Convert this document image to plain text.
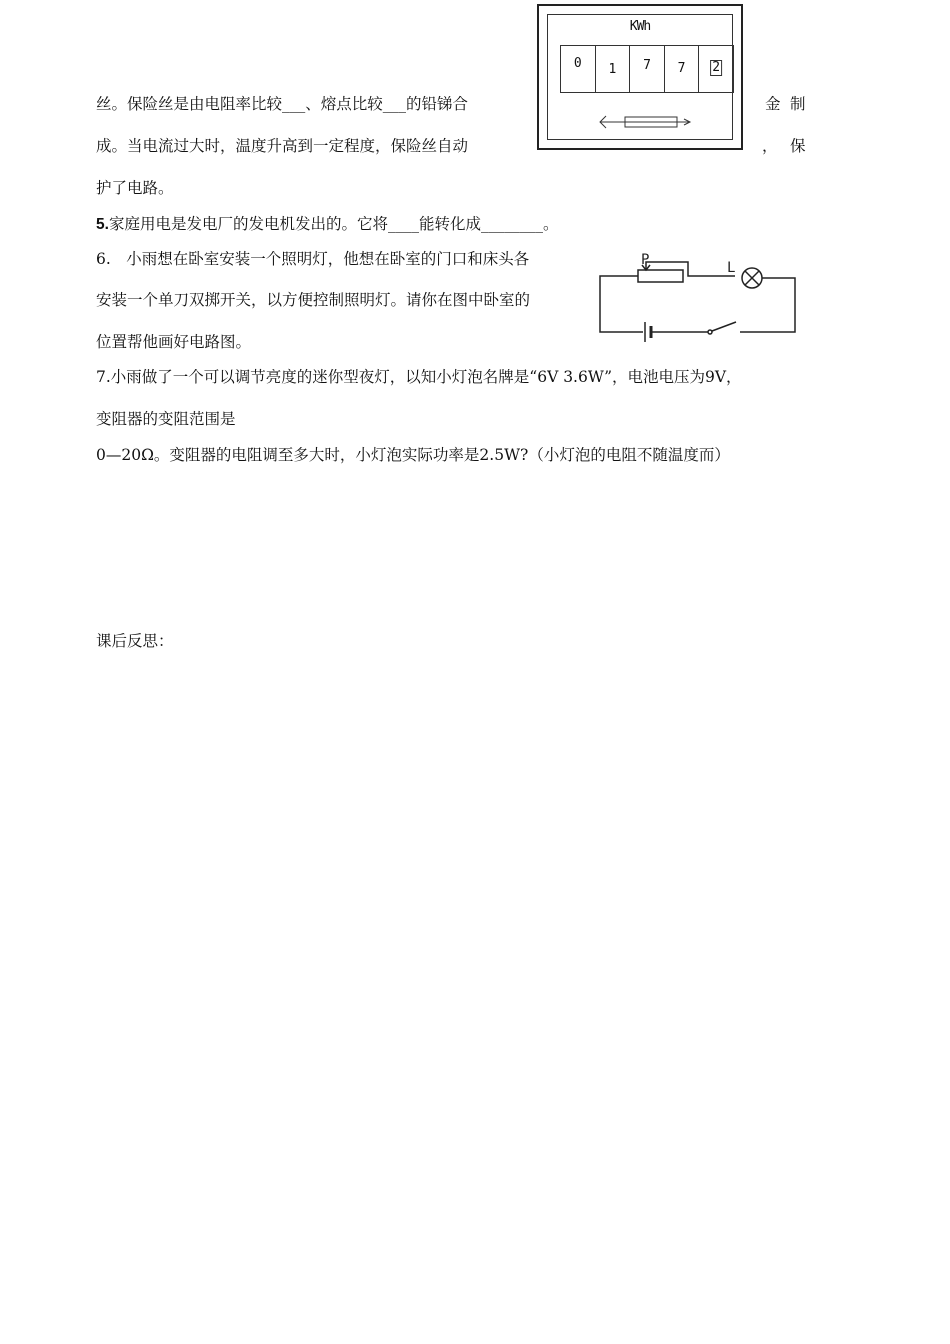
KWh
0 1 7 7 2
丝。保险丝是由电阻率比较___、熔点比较___的铅锑合	金 制
成。当电流过大时，温度升高到一定程度，保险丝自动	， 保
护了电路。
5.家庭用电是发电厂的发电机发出的。它将____能转化成________。
6.　小雨想在卧室安装一个照明灯，他想在卧室的门口和床头各
安装一个单刀双掷开关，以方便控制照明灯。请你在图中卧室的
位置帮他画好电路图。
P	L
7.小雨做了一个可以调节亮度的迷你型夜灯，以知小灯泡名牌是“6V 3.6W”，电池电压为9V，
变阻器的变阻范围是
0—20Ω。变阻器的电阻调至多大时，小灯泡实际功率是2.5W?（小灯泡的电阻不随温度而）
课后反思：
